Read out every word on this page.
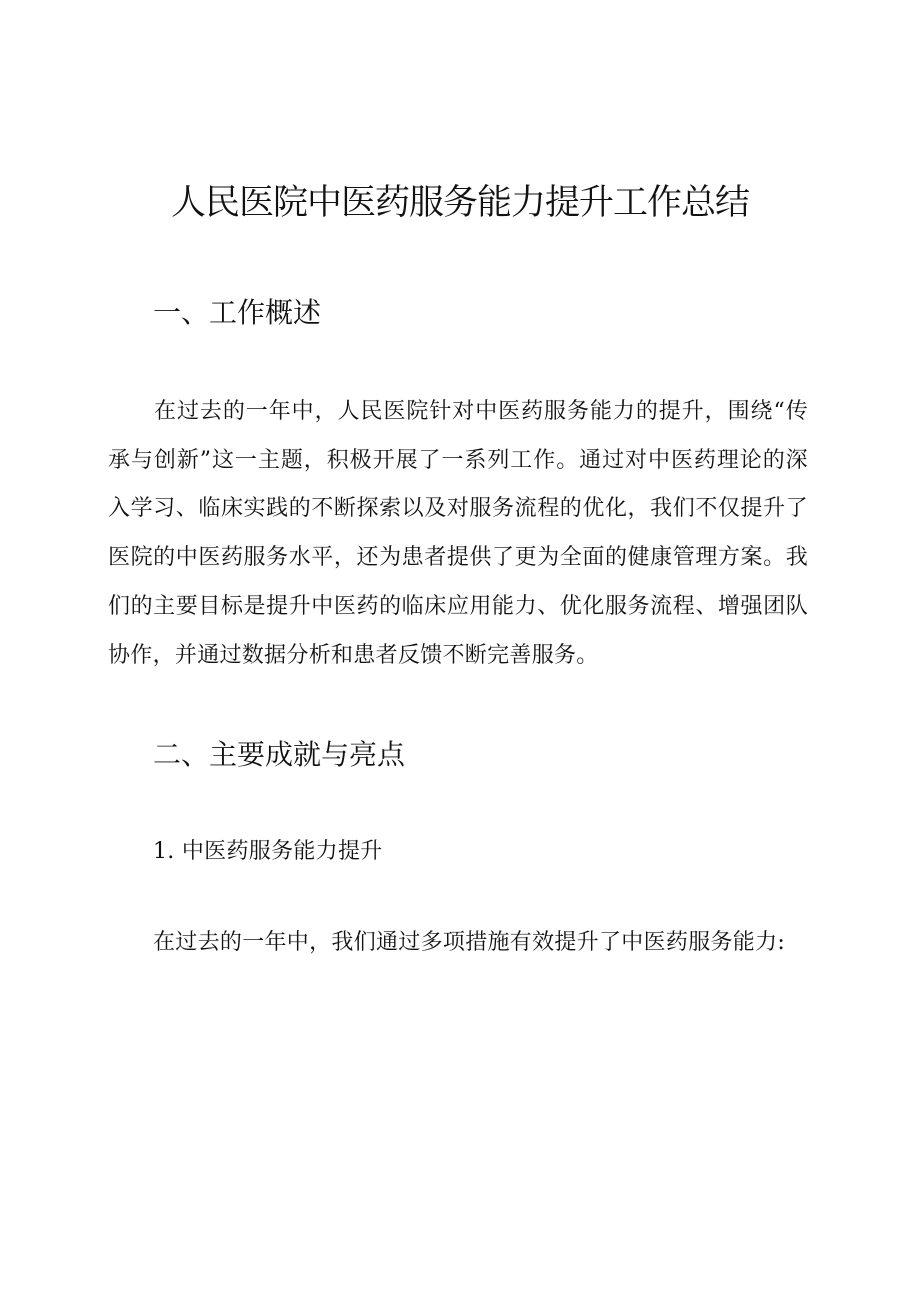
人民医院中医药服务能力提升工作总结
一、工作概述

在过去的一年中，人民医院针对中医药服务能力的提升，围绕“传承与创新”这一主题，积极开展了一系列工作。通过对中医药理论的深入学习、临床实践的不断探索以及对服务流程的优化，我们不仅提升了医院的中医药服务水平，还为患者提供了更为全面的健康管理方案。我们的主要目标是提升中医药的临床应用能力、优化服务流程、增强团队协作，并通过数据分析和患者反馈不断完善服务。

二、主要成就与亮点

1. 中医药服务能力提升

在过去的一年中，我们通过多项措施有效提升了中医药服务能力:
